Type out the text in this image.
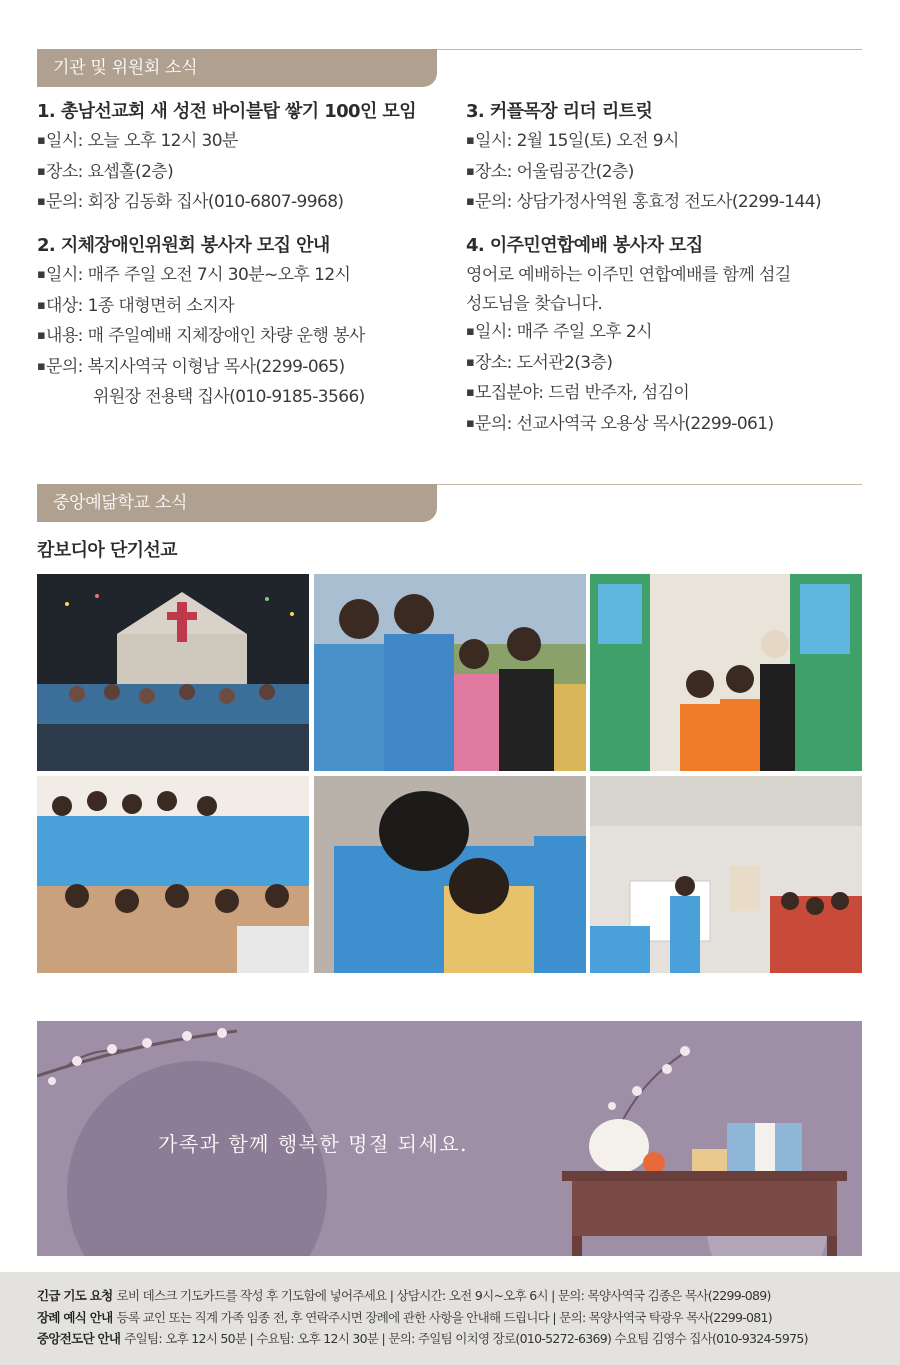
기관 및 위원회 소식
1. 총남선교회 새 성전 바이블탑 쌓기 100인 모임
▪일시: 오늘 오후 12시 30분
▪장소: 요셉홀(2층)
▪문의: 회장 김동화 집사(010-6807-9968)
2. 지체장애인위원회 봉사자 모집 안내
▪일시: 매주 주일 오전 7시 30분~오후 12시
▪대상: 1종 대형면허 소지자
▪내용: 매 주일예배 지체장애인 차량 운행 봉사
▪문의: 복지사역국 이형남 목사(2299-065)
위원장 전용택 집사(010-9185-3566)
3. 커플목장 리더 리트릿
▪일시: 2월 15일(토) 오전 9시
▪장소: 어울림공간(2층)
▪문의: 상담가정사역원 홍효정 전도사(2299-144)
4. 이주민연합예배 봉사자 모집
영어로 예배하는 이주민 연합예배를 함께 섬길
성도님을 찾습니다.
▪일시: 매주 주일 오후 2시
▪장소: 도서관2(3층)
▪모집분야: 드럼 반주자, 섬김이
▪문의: 선교사역국 오용상 목사(2299-061)
중앙예닮학교 소식
캄보디아 단기선교
가족과 함께 행복한 명절 되세요.
긴급 기도 요청 로비 데스크 기도카드를 작성 후 기도함에 넣어주세요 | 상담시간: 오전 9시~오후 6시 | 문의: 목양사역국 김종은 목사(2299-089)
장례 예식 안내 등록 교인 또는 직계 가족 임종 전, 후 연락주시면 장례에 관한 사항을 안내해 드립니다 | 문의: 목양사역국 탁광우 목사(2299-081)
중앙전도단 안내 주일팀: 오후 12시 50분 | 수요팀: 오후 12시 30분 | 문의: 주일팀 이치영 장로(010-5272-6369) 수요팀 김영수 집사(010-9324-5975)
